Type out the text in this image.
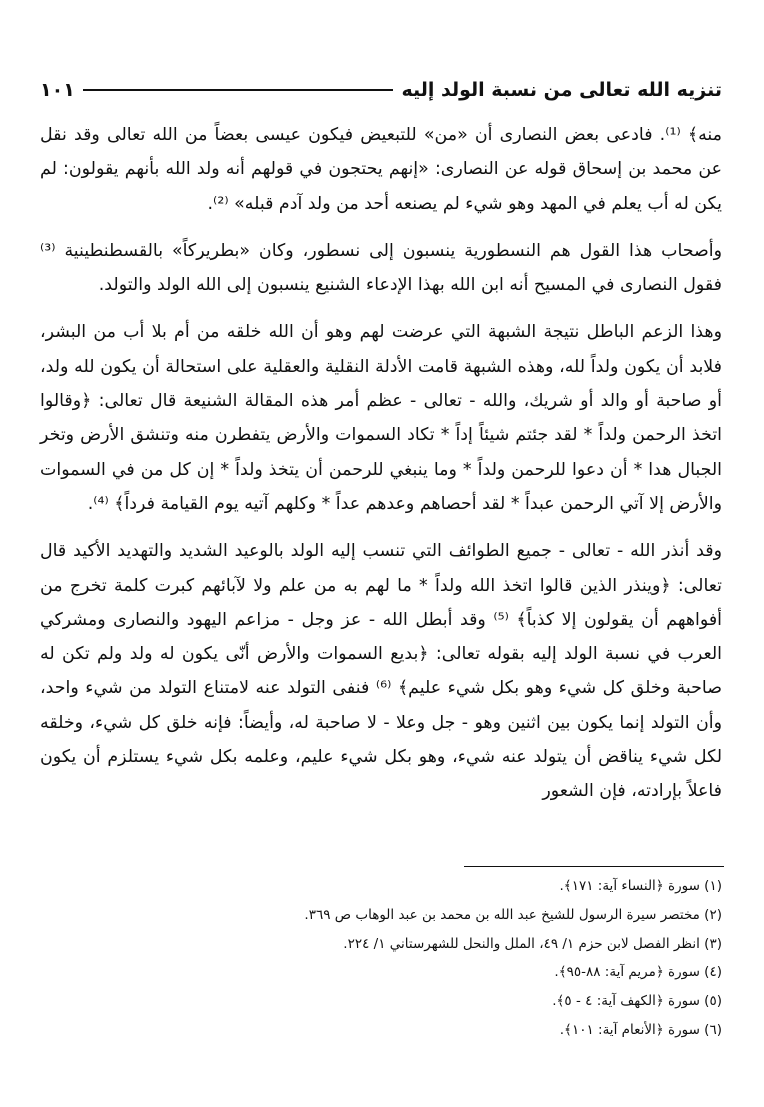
تنزيه الله تعالى من نسبة الولد إليه
١٠١

منه﴾ ⁽¹⁾. فادعى بعض النصارى أن «من» للتبعيض فيكون عيسى بعضاً من الله تعالى وقد نقل عن محمد بن إسحاق قوله عن النصارى: «إنهم يحتجون في قولهم أنه ولد الله بأنهم يقولون: لم يكن له أب يعلم في المهد وهو شيء لم يصنعه أحد من ولد آدم قبله» ⁽²⁾.

وأصحاب هذا القول هم النسطورية ينسبون إلى نسطور، وكان «بطريركاً» بالقسطنطينية ⁽³⁾ فقول النصارى في المسيح أنه ابن الله بهذا الإدعاء الشنيع ينسبون إلى الله الولد والتولد.

وهذا الزعم الباطل نتيجة الشبهة التي عرضت لهم وهو أن الله خلقه من أم بلا أب من البشر، فلابد أن يكون ولداً لله، وهذه الشبهة قامت الأدلة النقلية والعقلية على استحالة أن يكون لله ولد، أو صاحبة أو والد أو شريك، والله - تعالى - عظم أمر هذه المقالة الشنيعة قال تعالى: ﴿وقالوا اتخذ الرحمن ولداً * لقد جئتم شيئاً إداً * تكاد السموات والأرض يتفطرن منه وتنشق الأرض وتخر الجبال هدا * أن دعوا للرحمن ولداً * وما ينبغي للرحمن أن يتخذ ولداً * إن كل من في السموات والأرض إلا آتي الرحمن عبداً * لقد أحصاهم وعدهم عداً * وكلهم آتيه يوم القيامة فرداً﴾ ⁽⁴⁾.

وقد أنذر الله - تعالى - جميع الطوائف التي تنسب إليه الولد بالوعيد الشديد والتهديد الأكيد قال تعالى: ﴿وينذر الذين قالوا اتخذ الله ولداً * ما لهم به من علم ولا لآبائهم كبرت كلمة تخرج من أفواههم أن يقولون إلا كذباً﴾ ⁽⁵⁾ وقد أبطل الله - عز وجل - مزاعم اليهود والنصارى ومشركي العرب في نسبة الولد إليه بقوله تعالى: ﴿بديع السموات والأرض أنّى يكون له ولد ولم تكن له صاحبة وخلق كل شيء وهو بكل شيء عليم﴾ ⁽⁶⁾ فنفى التولد عنه لامتناع التولد من شيء واحد، وأن التولد إنما يكون بين اثنين وهو - جل وعلا - لا صاحبة له، وأيضاً: فإنه خلق كل شيء، وخلقه لكل شيء يناقض أن يتولد عنه شيء، وهو بكل شيء عليم، وعلمه بكل شيء يستلزم أن يكون فاعلاً بإرادته، فإن الشعور

(١) سورة ﴿النساء آية: ١٧١﴾.
(٢) مختصر سيرة الرسول للشيخ عبد الله بن محمد بن عبد الوهاب ص ٣٦٩.
(٣) انظر الفصل لابن حزم ١/ ٤٩، الملل والنحل للشهرستاني ١/ ٢٢٤.
(٤) سورة ﴿مريم آية: ٨٨-٩٥﴾.
(٥) سورة ﴿الكهف آية: ٤ - ٥﴾.
(٦) سورة ﴿الأنعام آية: ١٠١﴾.
